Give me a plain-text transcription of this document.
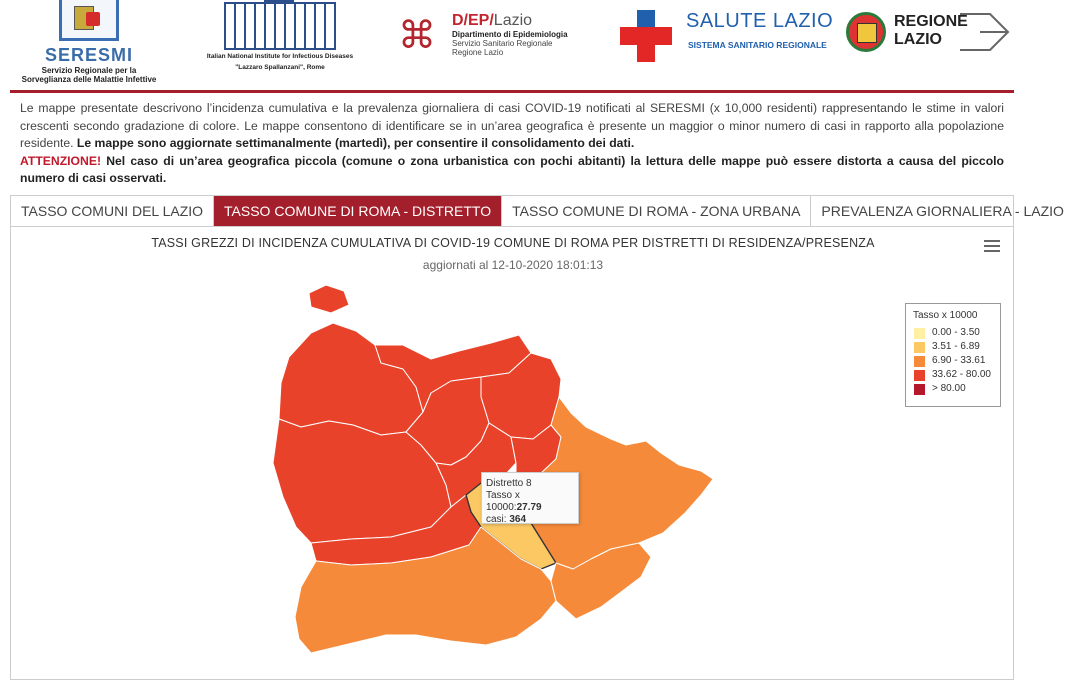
SERESMI
Servizio Regionale per la
Sorveglianza delle Malattie Infettive
Italian National Institute for Infectious Diseases
"Lazzaro Spallanzani", Rome
⌘	D/EP/Lazio
Dipartimento di Epidemiologia
Servizio Sanitario Regionale
Regione Lazio
SALUTE LAZIO
SISTEMA SANITARIO REGIONALE
REGIONE
LAZIO
Le mappe presentate descrivono l’incidenza cumulativa e la prevalenza giornaliera di casi COVID-19 notificati al SERESMI (x 10,000 residenti) rappresentando le stime in valori crescenti secondo gradazione di colore. Le mappe consentono di identificare se in un’area geografica è presente un maggior o minor numero di casi in rapporto alla popolazione residente. Le mappe sono aggiornate settimanalmente (martedì), per consentire il consolidamento dei dati.
ATTENZIONE! Nel caso di un’area geografica piccola (comune o zona urbanistica con pochi abitanti) la lettura delle mappe può essere distorta a causa del piccolo numero di casi osservati.
TASSO COMUNI DEL LAZIO	TASSO COMUNE DI ROMA - DISTRETTO	TASSO COMUNE DI ROMA - ZONA URBANA	PREVALENZA GIORNALIERA - LAZIO
TASSI GREZZI DI INCIDENZA CUMULATIVA DI COVID-19 COMUNE DI ROMA PER DISTRETTI DI RESIDENZA/PRESENZA
aggiornati al 12-10-2020 18:01:13
Tasso x 10000
0.00 - 3.50
3.51 - 6.89
6.90 - 33.61
33.62 - 80.00
> 80.00
Distretto 8
Tasso x 10000:27.79
casi: 364
